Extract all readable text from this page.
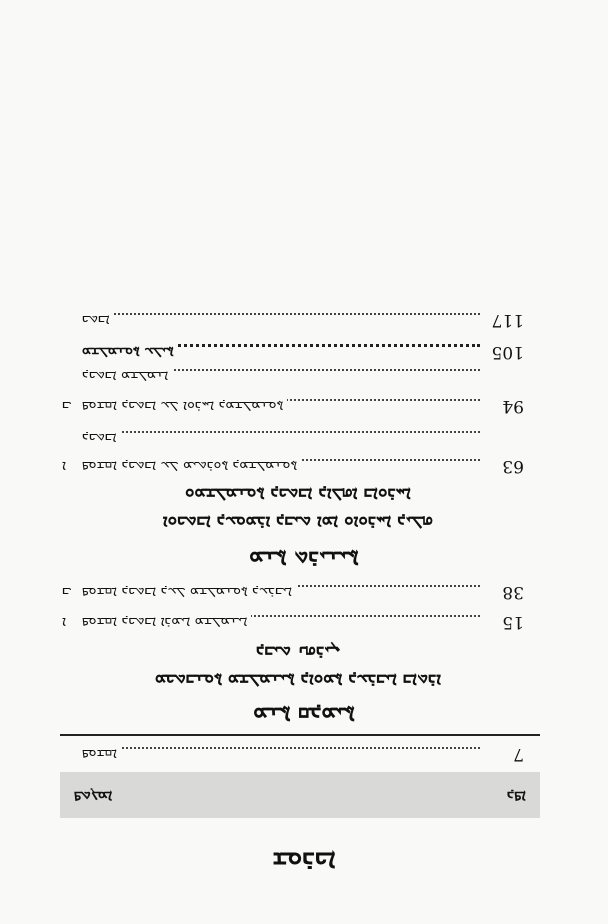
ܫܘܪܟܐ
ܦܬܓܡܐ	ܕܦܐ
7
ܦܘܫܩܐ
ܡܢܬܐ ܩܕܡܝܬܐ
ܡܟܬܒܢܘܬܐ ܡܫܠܡܢܝܬܐ ܕܐܘܡܬܐ ܕܥܪܒܝܐ ܒܐܬܪܐ
ܕܒܝܬ ܢܗܪܝܢ
15
ܦܘܫܩܐ ܕܟܬܒܐ ܐܪܡܝܐ ܡܫܠܡܢܝܐ
ܐ
38
ܦܘܫܩܐ ܕܟܬܒܐ ܕܥܠ ܡܫܠܡܢܘܬܐ ܕܥܪܒܝܐ
ܒ
ܡܢܬܐ ܬܪܝܢܝܬܐ
ܐܘܟܬܒܐ ܕܥܘܡܪܐ ܕܒܝܬ ܐܡܐ ܘܐܘܪܚܐ ܕܝܠܗ
ܘܡܫܠܡܢܘܬܐ ܕܟܬܒܐ ܕܐܠܗܐ ܒܐܘܪܚܐ
63
ܦܘܫܩܐ ܕܟܬܒܐ ܥܠ ܡܝܬܪܘܬܐ ܕܡܫܠܡܢܘܬܐ
ܐ
ܕܟܬܒܐ
94
ܦܘܫܩܐ ܕܟܬܒܐ ܥܠ ܐܘܪܚܐ ܕܡܫܠܡܢܘܬܐ
ܒ
ܕܟܬܒܐ ܡܫܠܡܢܐ
105
ܡܫܠܡܢܘܬܐ ܥܠܝܬܐ
117
ܟܬܒܐ
